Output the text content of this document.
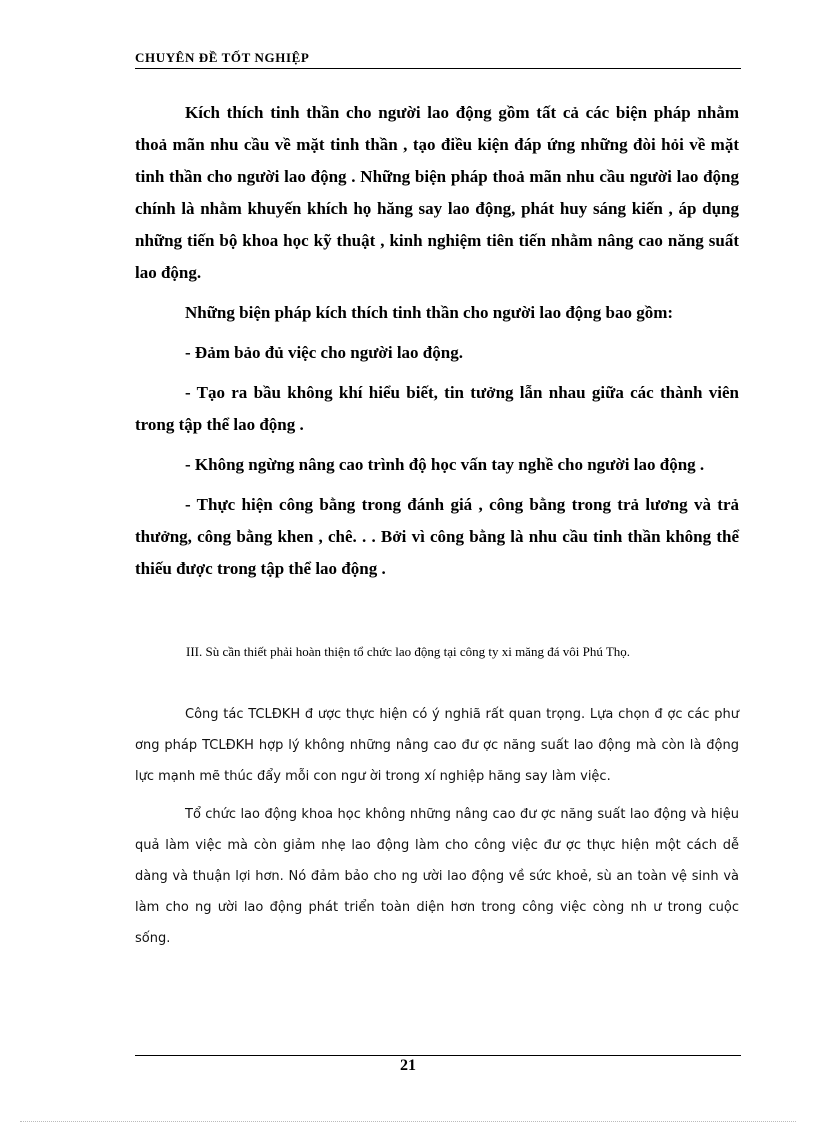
CHUYÊN ĐỀ TỐT NGHIỆP

Kích thích tinh thần cho người lao động gồm tất cả các biện pháp nhằm thoả mãn nhu cầu về mặt tinh thần , tạo điều kiện đáp ứng những đòi hỏi về mặt tinh thần cho người lao động . Những biện pháp thoả mãn nhu cầu người lao động chính là nhằm khuyến khích họ hăng say lao động, phát huy sáng kiến , áp dụng những tiến bộ khoa học kỹ thuật , kinh nghiệm tiên tiến nhằm nâng cao năng suất lao động.

Những biện pháp kích thích tinh thần cho người lao động bao gồm:

- Đảm bảo đủ việc cho người lao động.

- Tạo ra bầu không khí hiểu biết, tin tưởng lẫn nhau giữa các thành viên trong tập thể lao động .

- Không ngừng nâng cao trình độ học vấn tay nghề cho người lao động .

- Thực hiện công bằng trong đánh giá , công bằng trong trả lương và trả thưởng, công bằng khen , chê. . . Bởi vì công bằng là nhu cầu tinh thần không thể thiếu được trong tập thể lao động .

III. Sù cần thiết phải hoàn thiện tổ chức lao động tại công ty xi măng đá vôi Phú Thọ.

Công tác TCLĐKH đ ược thực hiện có ý nghiã rất quan trọng. Lựa chọn đ ợc các phư ơng pháp TCLĐKH hợp lý không những nâng cao đư ợc năng suất lao động mà còn là động lực mạnh mẽ thúc đẩy mỗi con ngư ời trong xí nghiệp hăng say làm việc.

Tổ chức lao động khoa học không những nâng cao đư ợc năng suất lao động và hiệu quả làm việc mà còn giảm nhẹ lao động làm cho công việc đư ợc thực hiện một cách dễ dàng và thuận lợi hơn. Nó đảm bảo cho ng ười lao động về sức khoẻ, sù an toàn vệ sinh và làm cho ng ười lao động phát triển toàn diện hơn trong công việc còng nh ư trong cuộc sống.

21
